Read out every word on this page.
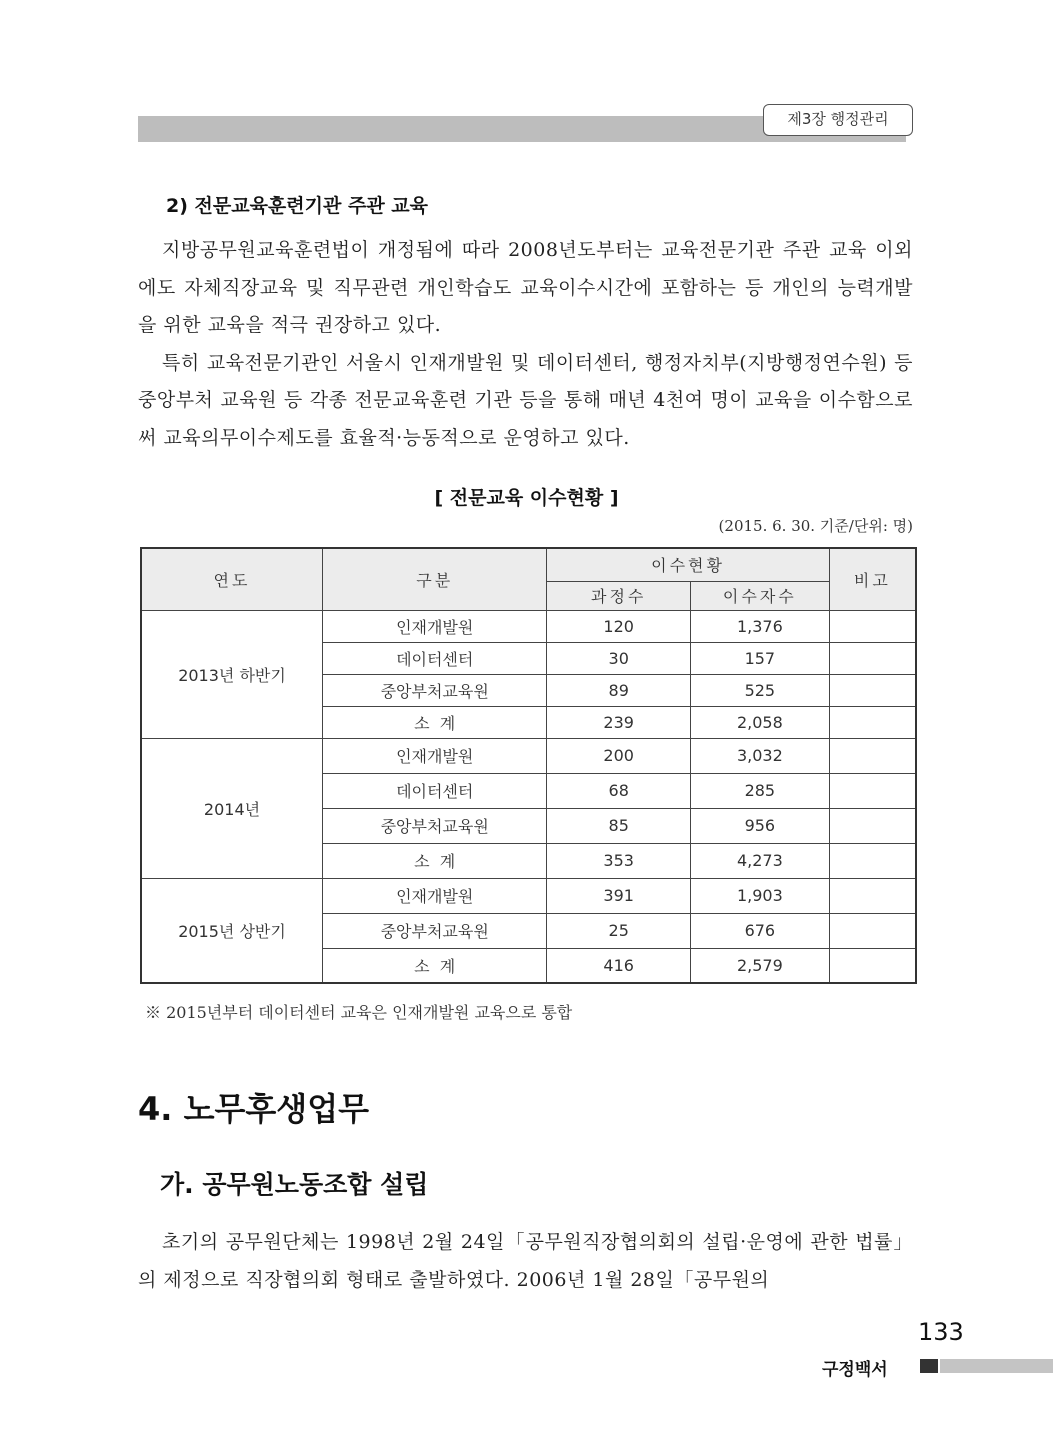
제3장 행정관리
2) 전문교육훈련기관 주관 교육

지방공무원교육훈련법이 개정됨에 따라 2008년도부터는 교육전문기관 주관 교육 이외에도 자체직장교육 및 직무관련 개인학습도 교육이수시간에 포함하는 등 개인의 능력개발을 위한 교육을 적극 권장하고 있다.

특히 교육전문기관인 서울시 인재개발원 및 데이터센터, 행정자치부(지방행정연수원) 등 중앙부처 교육원 등 각종 전문교육훈련 기관 등을 통해 매년 4천여 명이 교육을 이수함으로써 교육의무이수제도를 효율적·능동적으로 운영하고 있다.

[ 전문교육 이수현황 ]
(2015. 6. 30. 기준/단위: 명)
연도	구분	이수현황		비고
		과정수	이수자수	
2013년 하반기	인재개발원	120	1,376	
	데이터센터	30	157	
	중앙부처교육원	89	525	
	소  계	239	2,058	
2014년	인재개발원	200	3,032	
	데이터센터	68	285	
	중앙부처교육원	85	956	
	소  계	353	4,273	
2015년 상반기	인재개발원	391	1,903	
	중앙부처교육원	25	676	
	소  계	416	2,579	
※ 2015년부터 데이터센터 교육은 인재개발원 교육으로 통합
4. 노무후생업무
가. 공무원노동조합 설립

초기의 공무원단체는 1998년 2월 24일「공무원직장협의회의 설립·운영에 관한 법률」의 제정으로 직장협의회 형태로 출발하였다. 2006년 1월 28일「공무원의

133
구정백서
